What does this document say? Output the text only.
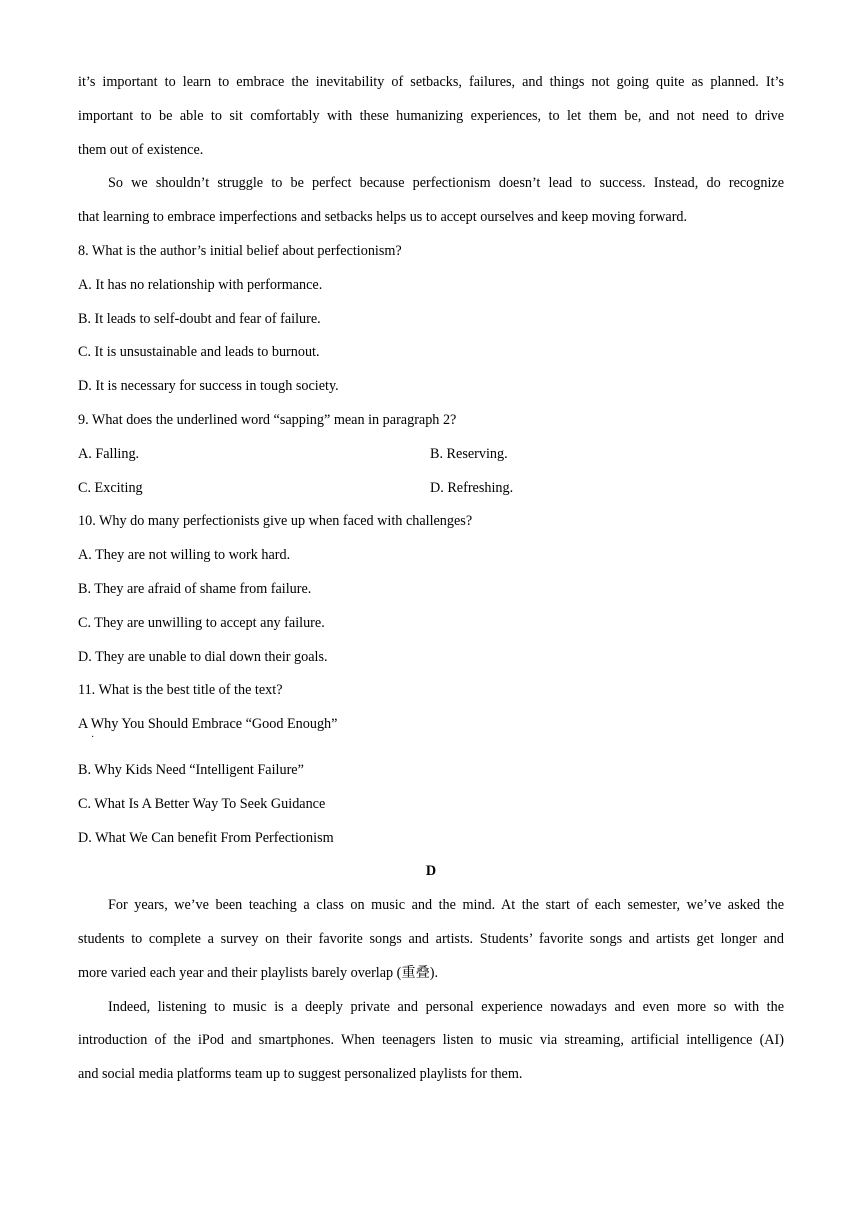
it’s important to learn to embrace the inevitability of setbacks, failures, and things not going quite as planned. It’s
important to be able to sit comfortably with these humanizing experiences, to let them be, and not need to drive
them out of existence.
So we shouldn’t struggle to be perfect because perfectionism doesn’t lead to success. Instead, do recognize
that learning to embrace imperfections and setbacks helps us to accept ourselves and keep moving forward.
8. What is the author’s initial belief about perfectionism?
A. It has no relationship with performance.
B. It leads to self-doubt and fear of failure.
C. It is unsustainable and leads to burnout.
D. It is necessary for success in tough society.
9. What does the underlined word “sapping” mean in paragraph 2?
A. Falling.	B. Reserving.
C. Exciting	D. Refreshing.
10. Why do many perfectionists give up when faced with challenges?
A. They are not willing to work hard.
B. They are afraid of shame from failure.
C. They are unwilling to accept any failure.
D. They are unable to dial down their goals.
11. What is the best title of the text?
A Why You Should Embrace “Good Enough”
B. Why Kids Need “Intelligent Failure”
C. What Is A Better Way To Seek Guidance
D. What We Can benefit From Perfectionism
D
For years, we’ve been teaching a class on music and the mind. At the start of each semester, we’ve asked the
students to complete a survey on their favorite songs and artists. Students’ favorite songs and artists get longer and
more varied each year and their playlists barely overlap (重叠).
Indeed, listening to music is a deeply private and personal experience nowadays and even more so with the
introduction of the iPod and smartphones. When teenagers listen to music via streaming, artificial intelligence (AI)
and social media platforms team up to suggest personalized playlists for them.
·
